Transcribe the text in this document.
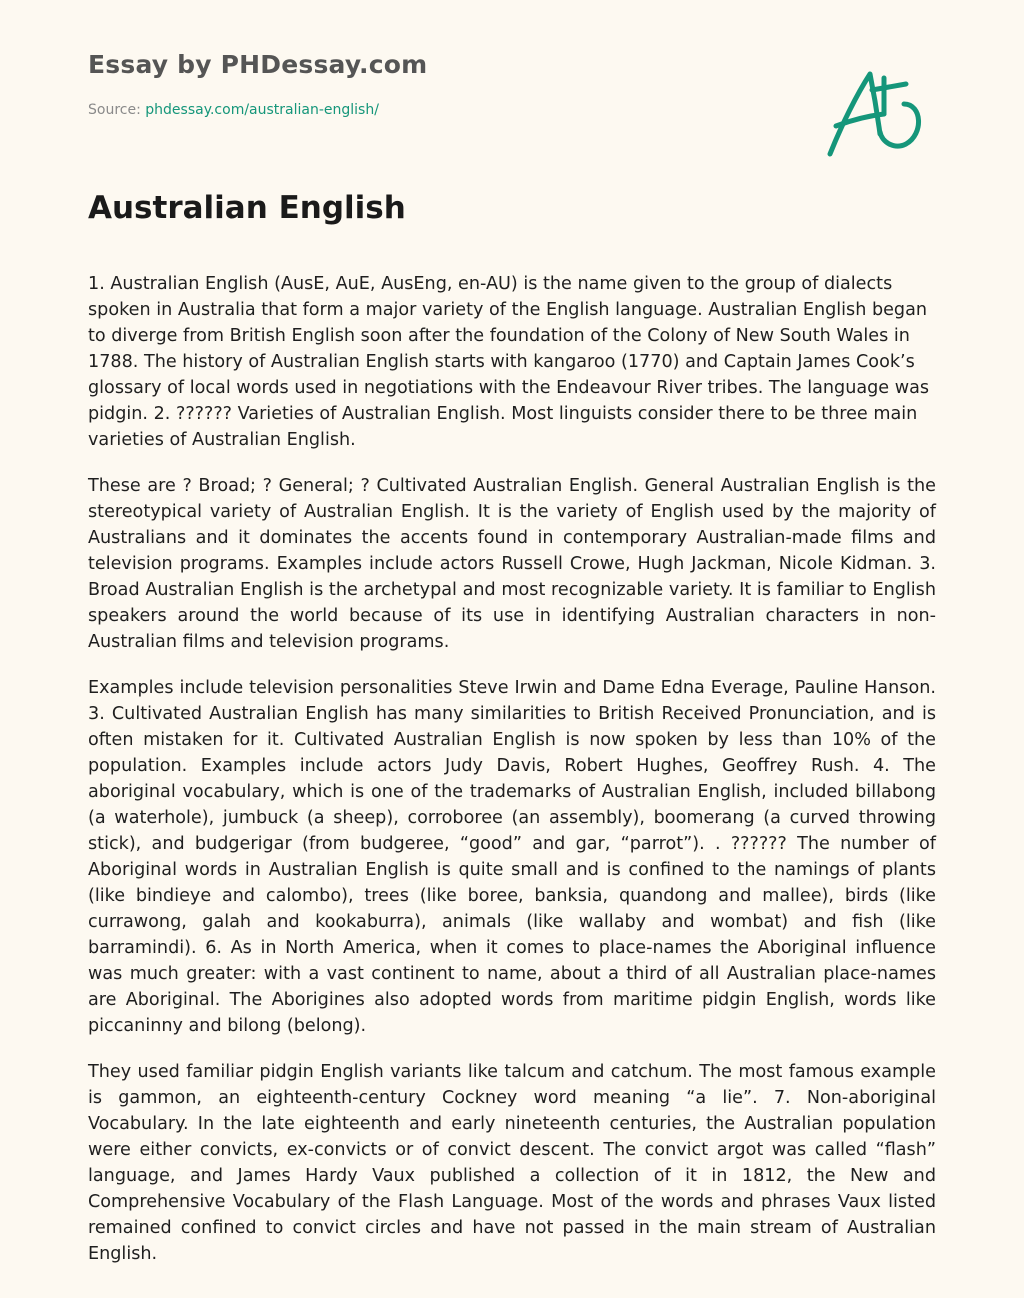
Essay by PHDessay.com
Source: phdessay.com/australian-english/
Australian English

1. Australian English (AusE, AuE, AusEng, en-AU) is the name given to the group of dialects spoken in Australia that form a major variety of the English language. Australian English began to diverge from British English soon after the foundation of the Colony of New South Wales in 1788. The history of Australian English starts with kangaroo (1770) and Captain James Cook’s glossary of local words used in negotiations with the Endeavour River tribes. The language was pidgin. 2. ?????? Varieties of Australian English. Most linguists consider there to be three main varieties of Australian English.

These are ? Broad; ? General; ? Cultivated Australian English. General Australian English is the stereotypical variety of Australian English. It is the variety of English used by the majority of Australians and it dominates the accents found in contemporary Australian-made films and television programs. Examples include actors Russell Crowe, Hugh Jackman, Nicole Kidman. 3. Broad Australian English is the archetypal and most recognizable variety. It is familiar to English speakers around the world because of its use in identifying Australian characters in non-Australian films and television programs.

Examples include television personalities Steve Irwin and Dame Edna Everage, Pauline Hanson. 3. Cultivated Australian English has many similarities to British Received Pronunciation, and is often mistaken for it. Cultivated Australian English is now spoken by less than 10% of the population. Examples include actors Judy Davis, Robert Hughes, Geoffrey Rush. 4. The aboriginal vocabulary, which is one of the trademarks of Australian English, included billabong (a waterhole), jumbuck (a sheep), corroboree (an assembly), boomerang (a curved throwing stick), and budgerigar (from budgeree, “good” and gar, “parrot”). . ?????? The number of Aboriginal words in Australian English is quite small and is confined to the namings of plants (like bindieye and calombo), trees (like boree, banksia, quandong and mallee), birds (like currawong, galah and kookaburra), animals (like wallaby and wombat) and fish (like barramindi). 6. As in North America, when it comes to place-names the Aboriginal influence was much greater: with a vast continent to name, about a third of all Australian place-names are Aboriginal. The Aborigines also adopted words from maritime pidgin English, words like piccaninny and bilong (belong).

They used familiar pidgin English variants like talcum and catchum. The most famous example is gammon, an eighteenth-century Cockney word meaning “a lie”. 7. Non-aboriginal Vocabulary. In the late eighteenth and early nineteenth centuries, the Australian population were either convicts, ex-convicts or of convict descent. The convict argot was called “flash” language, and James Hardy Vaux published a collection of it in 1812, the New and Comprehensive Vocabulary of the Flash Language. Most of the words and phrases Vaux listed remained confined to convict circles and have not passed in the main stream of Australian English.
